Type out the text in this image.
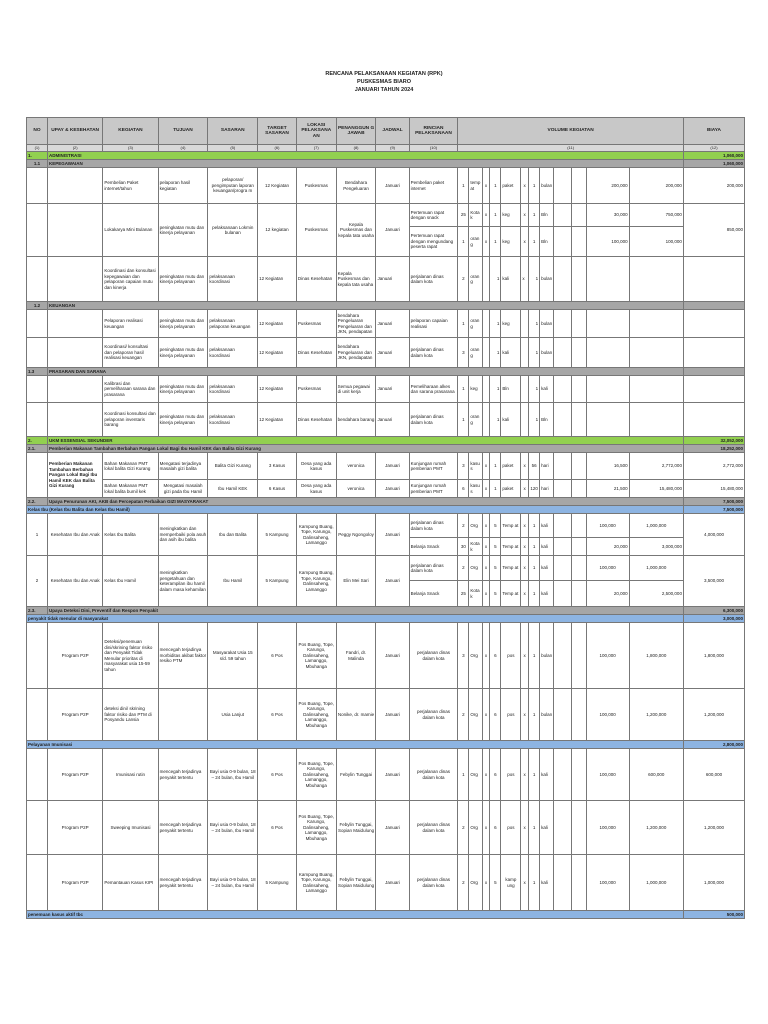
RENCANA PELAKSANAAN KEGIATAN (RPK)
PUSKESMAS BIARO
JANUARI TAHUN 2024
NO	UPAY & KESEHATAN	KEGIATAN	TUJUAN	SASARAN	TARGET SASARAN	LOKASI PELAKSANA AN	PENANGGUN G JAWAB	JADWAL	RINCIAN PELAKSANAAN	VOLUME KEGIATAN												BIAYA
(1)	(2)	(3)	(4)	(5)	(6)	(7)	(8)	(9)	(10)	(11)												(12)
1.	ADMINISTRASI																					1,060,000
1.1	KEPEGAWAIAN																					1,060,000
		Pembelian Paket internet/tahun	pelaporan hasil kegiatan	pelaporan/ pengimputan laporan keuangan/progra m	12 Kegiatan	Puskesmas	Bendahara Pengeluaran	Januari	Pembelian paket internet	1	temp at	x	1	paket	x	1	bulan			200,000	200,000	200,000
		Lokakarya Mini Bulanan	peningkatan mutu dan kinerja pelayanan	pelaksanaan Lokmin bulanan	12 kegiatan	Puskesmas	Kepala Puskesmas dan kepala tata usaha	Januari	Pertemuan rapat dengan snack	25	Kota k	x	1	keg	x	1	Bln			30,000	750,000	850,000
									Pertemuan rapat dengan mengundang peserta rapat	1	oran g	x	1	keg	x	1	Bln			100,000	100,000	
		Koordinasi dan konsultasi kepegawaian dan pelaporan capaian mutu dan kinerja	peningkatan mutu dan kinerja pelayanan	pelaksanaan koordinasi	12 Kegiatan	Dinas Kesehatan	Kepala Puskesmas dan kepala tata usaha	Januari	perjalanan dinas dalam kota	2	oran g		1	kali	x	1	bulan					
1.2	KEUANGAN																					
		Pelaporan realisasi keuangan	peningkatan mutu dan kinerja pelayanan	pelaksanaan pelaporan keuangan	12 Kegiatan	Puskesmas	bendahara Pengeluaran Pengeluaran dan JKN, pendapatan	Januari	pelaporan capaian realisasi	1	oran g		1	keg		1	bulan					
		Koordinasi/ konsultasi dan pelaporan hasil realisasi keuangan	peningkatan mutu dan kinerja pelayanan	pelaksanaan koordinasi	12 Kegiatan	Dinas Kesehatan	bendahara Pengeluaran dan JKN, pendapatan	Januari	perjalanan dinas dalam kota	3	oran g		1	kali		1	bulan					
1.3	PRASARAN DAN SARANA																					
		Kalibrasi dan pemeliharaan sarana dan prasarana	peningkatan mutu dan kinerja pelayanan	pelaksanaan koordinasi	12 Kegiatan	Puskesmas	Semua pegawai di unit kerja	Januari	Pemeliharaan alkes dan sarana prasarana	1	keg		1	Bln		1	kali					
		Koordinasi konsultasi dan pelaporan inventaris barang	peningkatan mutu dan kinerja pelayanan	pelaksanaan koordinasi	12 Kegiatan	Dinas Kesehatan	bendahara barang	Januari	perjalanan dinas dalam kota	1	oran g		1	kali		1	Bln					
2.	UKM ESSENSIAL SEKUNDER																					32,052,000
2.1.	Pemberian Makanan Tambahan Berbahan Pangan Lokal Bagi Ibu Hamil KEK dan Balita Gizi Kurang																					18,252,000
	Pemberian Makanan Tambahan Berbahan Pangan Lokal Bagi Ibu Hamil KEK dan Balita Gizi Kurang	Bahan Makanan PMT lokal balita Gizi Kurang	Mengatasi terjadinya masalah gizi balita	Balita Gizi Kurang	3 Kasus	Desa yang ada kasus	veronica	Januari	Kunjungan rumah pemberian PMT	3	kasu s	x	1	paket	x	56	hari			16,500	2,772,000	2,772,000
		Bahan Makanan PMT lokal balita bumil kek	Mengatasi masalah gizi pada Ibu Hamil	Ibu Hamil KEK	6 Kasus	Desa yang ada kasus	veronica	Januari	Kunjungan rumah pemberian PMT	6	kasu s	x	1	paket	x	120	hari			21,500	15,480,000	15,480,000
2.2.	Upaya Penurunan AKI, AKB dan Percepatan Perbaikan GIZI MASYARAKAT																					7,500,000
Kelas Ibu (Kelas Ibu Balita dan Kelas Ibu Hamil)																						7,500,000
1	Kesehatan Ibu dan Anak	Kelas Ibu Balita	meningkatkan dan memperbaiki pola asuh dan asih ibu balita	Ibu dan Balita	5 Kampung	Kampung Buang, Tope, Karungo, Dalinsaheng, Lamanggo	Peggy Ngongoloy	Januari	perjalanan dinas dalam kota	2	Org	x	5	Temp at	x	1	kali			100,000	1,000,000	4,000,000
									Belanja Snack	30	Kota k	x	5	Temp at	x	1	kali			20,000	3,000,000	
2	Kesehatan Ibu dan Anak	Kelas Ibu Hamil	meningkatkan pengetahuan dan keterampilan ibu hamil dalam masa kehamilan	Ibu Hamil	5 Kampung	Kampung Buang, Tope, Karungo, Dalinsaheng, Lamanggo	Elin Mei Sari	Januari	perjalanan dinas dalam kota	2	Org	x	5	Temp at	x	1	kali			100,000	1,000,000	3,500,000
									Belanja Snack	25	Kota k	x	5	Temp at	x	1	kali			20,000	2,500,000	
2.3.	Upaya Deteksi Dini, Preventif dan Respon Penyakit																					6,300,000
penyakit tidak menular di masyarakat																						3,000,000
	Program P2P	Deteksi/penemuan dini/skrining faktor risiko dan Penyakit Tidak Menular prioritas di masyarakat usia 15-59 tahun	mencegah terjadinya morbiditas akibat faktor resiko PTM	Masyarakat Usia 15 s/d. 59 tahun	6 Pos	Pos Buang, Tope, Karungo, Dalinsaheng, Lamanggo, Mbuhanga	Fandri, dr. Malinda	Januari	perjalanan dinas dalam kota	3	Org	x	6	pos	x	1	bulan			100,000	1,800,000	1,800,000
	Program P2P	deteksi dini/ skrining faktor risiko dan PTM di Posyandu Lansia		Usia Lanjut	6 Pos	Pos Buang, Tope, Karungo, Dalinsaheng, Lamanggo, Mbuhanga	Nonike, dr. mamie	Januari	perjalanan dinas dalam kota	2	Org	x	6	pos	x	1	bulan			100,000	1,200,000	1,200,000
Pelayanan Imunisasi																						2,800,000
	Program P2P	Imunisasi rutin	mencegah terjadinya penyakit tertentu	Bayi usia 0-9 bulan, 18 – 24 bulan, Ibu Hamil	6 Pos	Pos Buang, Tope, Karungo, Dalinsaheng, Lamanggo, Mbuhanga	Febylin Tunggai	Januari	perjalanan dinas dalam kota	1	Org	x	6	pos	x	1	kali			100,000	600,000	600,000
	Program P2P	Sweeping Imunisasi	mencegah terjadinya penyakit tertentu	Bayi usia 0-9 bulan, 18 – 24 bulan, Ibu Hamil	6 Pos	Pos Buang, Tope, Karungo, Dalinsaheng, Lamanggo, Mbuhanga	Febylin Tunggai, Sopian Maidulung	Januari	perjalanan dinas dalam kota	2	Org	x	6	pos	x	1	kali			100,000	1,200,000	1,200,000
	Program P2P	Pemantauan Kasus KIPI	mencegah terjadinya penyakit tertentu	Bayi usia 0-9 bulan, 18 – 24 bulan, Ibu Hamil	5 Kampung	Kampung Buang, Tope, Karungo, Dalinsaheng, Lamanggo	Febylin Tunggai, Sopian Maidulung	Januari	perjalanan dinas dalam kota	2	Org	x	5	kamp ung	x	1	kali			100,000	1,000,000	1,000,000
penemuan kasus aktif tbc																						500,000
